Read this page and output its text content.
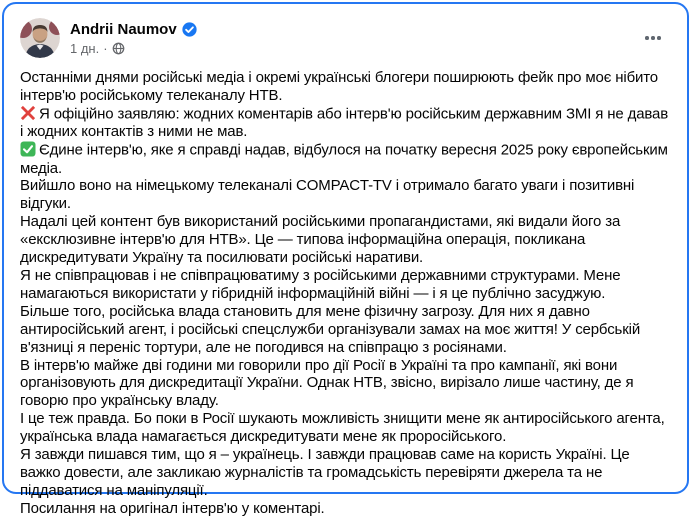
Andrii Naumov
1 дн. ·

Останніми днями російські медіа і окремі українські блогери поширюють фейк про моє нібито інтерв'ю російському телеканалу НТВ.

Я офіційно заявляю: жодних коментарів або інтерв'ю російським державним ЗМІ я не давав і жодних контактів з ними не мав.

Єдине інтерв'ю, яке я справді надав, відбулося на початку вересня 2025 року європейським медіа.

Вийшло воно на німецькому телеканалі COMPACT-TV і отримало багато уваги і позитивні відгуки.

Надалі цей контент був використаний російськими пропагандистами, які видали його за «ексклюзивне інтерв'ю для НТВ». Це — типова інформаційна операція, покликана дискредитувати Україну та посилювати російські наративи.

Я не співпрацював і не співпрацюватиму з російськими державними структурами. Мене намагаються використати у гібридній інформаційній війні — і я це публічно засуджую.

Більше того, російська влада становить для мене фізичну загрозу. Для них я давно антиросійський агент, і російські спецслужби організували замах на моє життя! У сербській в'язниці я переніс тортури, але не погодився на співпрацю з росіянами.

В інтерв'ю майже дві години ми говорили про дії Росії в Україні та про кампанії, які вони організовують для дискредитації України. Однак НТВ, звісно, вирізало лише частину, де я говорю про українську владу.

І це теж правда. Бо поки в Росії шукають можливість знищити мене як антиросійського агента, українська влада намагається дискредитувати мене як проросійського.

Я завжди пишався тим, що я – українець. І завжди працював саме на користь Україні. Це важко довести, але закликаю журналістів та громадськість перевіряти джерела та не піддаватися на маніпуляції.

Посилання на оригінал інтерв'ю у коментарі.
